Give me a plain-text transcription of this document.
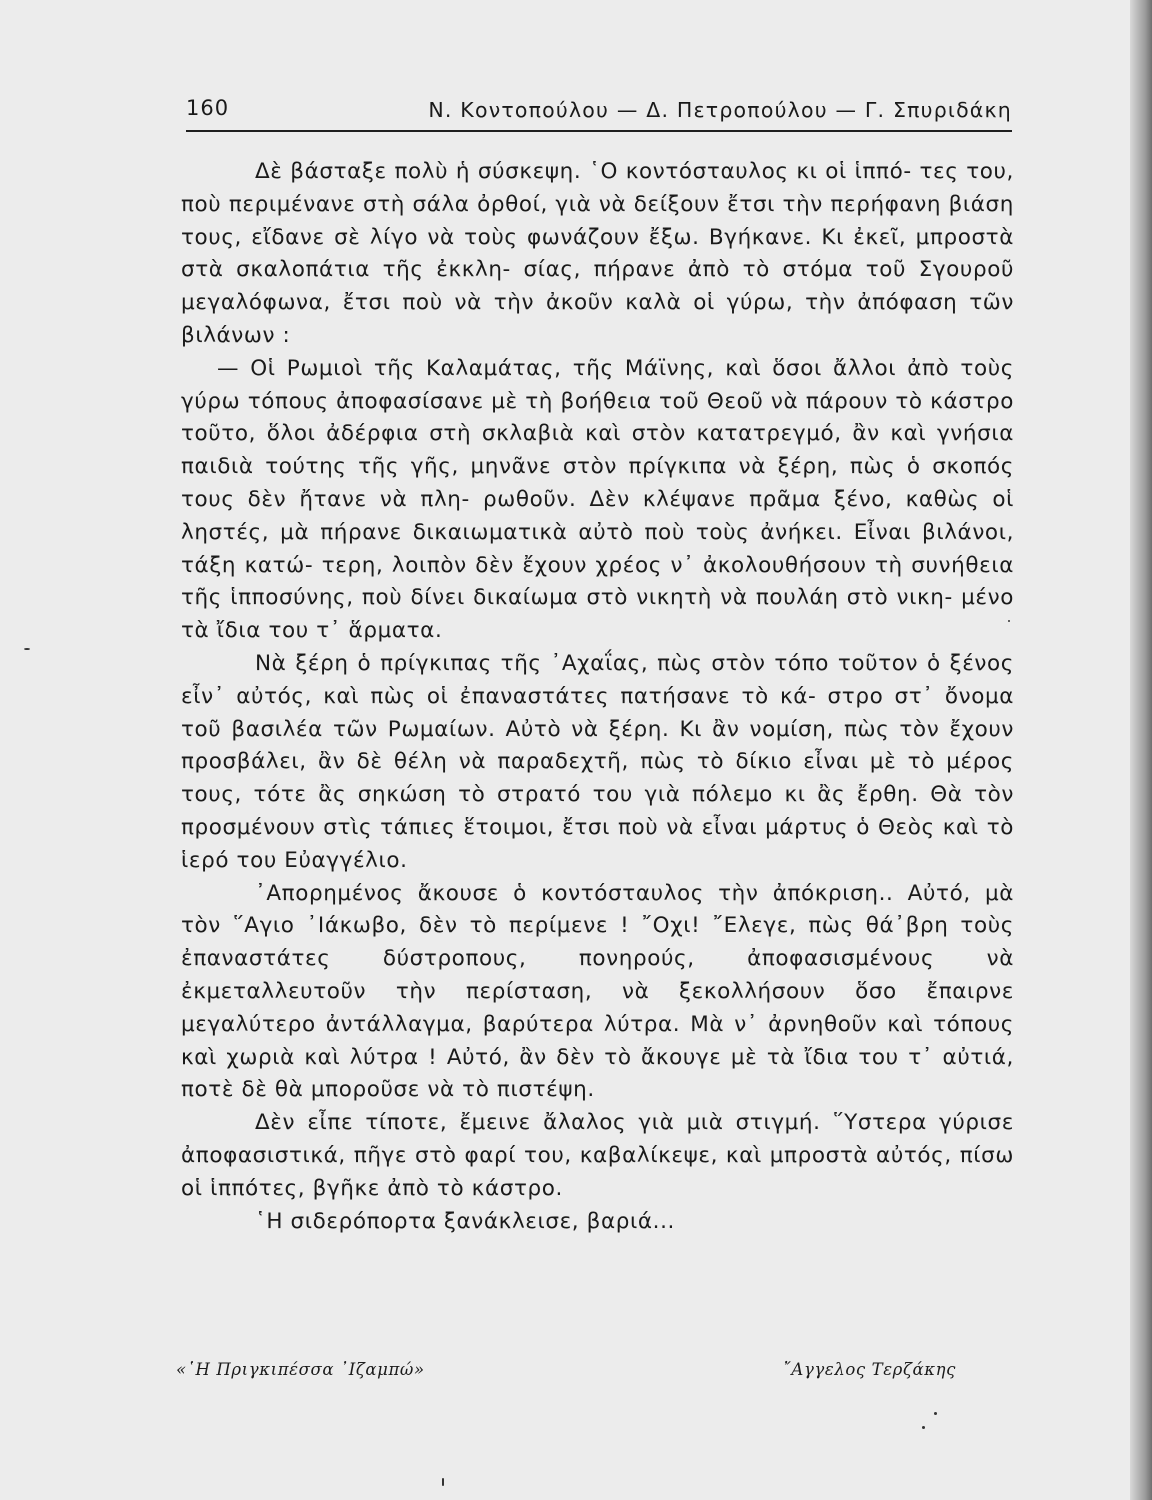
160	Ν. Κοντοπούλου — Δ. Πετροπούλου — Γ. Σπυριδάκη

Δὲ βάσταξε πολὺ ἡ σύσκεψη. ῾Ο κοντόσταυλος κι οἱ ἱππό- τες του, ποὺ περιμένανε στὴ σάλα ὀρθοί, γιὰ νὰ δείξουν ἔτσι τὴν περήφανη βιάση τους, εἴδανε σὲ λίγο νὰ τοὺς φωνάζουν ἔξω. Βγήκανε. Κι ἐκεῖ, μπροστὰ στὰ σκαλοπάτια τῆς ἐκκλη- σίας, πήρανε ἀπὸ τὸ στόμα τοῦ Σγουροῦ μεγαλόφωνα, ἔτσι ποὺ νὰ τὴν ἀκοῦν καλὰ οἱ γύρω, τὴν ἀπόφαση τῶν βιλάνων :

— Οἱ Ρωμιοὶ τῆς Καλαμάτας, τῆς Μάϊνης, καὶ ὅσοι ἄλλοι ἀπὸ τοὺς γύρω τόπους ἀποφασίσανε μὲ τὴ βοήθεια τοῦ Θεοῦ νὰ πάρουν τὸ κάστρο τοῦτο, ὅλοι ἀδέρφια στὴ σκλαβιὰ καὶ στὸν κατατρεγμό, ἂν καὶ γνήσια παιδιὰ τούτης τῆς γῆς, μηνᾶνε στὸν πρίγκιπα νὰ ξέρη, πὼς ὁ σκοπός τους δὲν ἤτανε νὰ πλη- ρωθοῦν. Δὲν κλέψανε πρᾶμα ξένο, καθὼς οἱ ληστές, μὰ πήρανε δικαιωματικὰ αὐτὸ ποὺ τοὺς ἀνήκει. Εἶναι βιλάνοι, τάξη κατώ- τερη, λοιπὸν δὲν ἔχουν χρέος ν᾽ ἀκολουθήσουν τὴ συνήθεια τῆς ἱπποσύνης, ποὺ δίνει δικαίωμα στὸ νικητὴ νὰ πουλάη στὸ νικη- μένο τὰ ἴδια του τ᾽ ἅρματα.

Νὰ ξέρη ὁ πρίγκιπας τῆς ᾽Αχαΐας, πὼς στὸν τόπο τοῦτον ὁ ξένος εἶν᾽ αὐτός, καὶ πὼς οἱ ἐπαναστάτες πατήσανε τὸ κά- στρο στ᾽ ὄνομα τοῦ βασιλέα τῶν Ρωμαίων. Αὐτὸ νὰ ξέρη. Κι ἂν νομίση, πὼς τὸν ἔχουν προσβάλει, ἂν δὲ θέλη νὰ παραδεχτῆ, πὼς τὸ δίκιο εἶναι μὲ τὸ μέρος τους, τότε ἂς σηκώση τὸ στρατό του γιὰ πόλεμο κι ἂς ἔρθη. Θὰ τὸν προσμένουν στὶς τάπιες ἕτοιμοι, ἔτσι ποὺ νὰ εἶναι μάρτυς ὁ Θεὸς καὶ τὸ ἱερό του Εὐαγγέλιο.

᾽Απορημένος ἄκουσε ὁ κοντόσταυλος τὴν ἀπόκριση.. Αὐτό, μὰ τὸν ῞Αγιο ᾽Ιάκωβο, δὲν τὸ περίμενε ! ῎Οχι! ῎Ελεγε, πὼς θά᾽βρη τοὺς ἐπαναστάτες δύστροπους, πονηρούς, ἀποφασισμένους νὰ ἐκμεταλλευτοῦν τὴν περίσταση, νὰ ξεκολλήσουν ὅσο ἔπαιρνε μεγαλύτερο ἀντάλλαγμα, βαρύτερα λύτρα. Μὰ ν᾽ ἀρνηθοῦν καὶ τόπους καὶ χωριὰ καὶ λύτρα ! Αὐτό, ἂν δὲν τὸ ἄκουγε μὲ τὰ ἴδια του τ᾽ αὐτιά, ποτὲ δὲ θὰ μποροῦσε νὰ τὸ πιστέψη.

Δὲν εἶπε τίποτε, ἔμεινε ἄλαλος γιὰ μιὰ στιγμή. ῞Υστερα γύρισε ἀποφασιστικά, πῆγε στὸ φαρί του, καβαλίκεψε, καὶ μπροστὰ αὐτός, πίσω οἱ ἱππότες, βγῆκε ἀπὸ τὸ κάστρο.

῾Η σιδερόπορτα ξανάκλεισε, βαριά...

«῾Η Πριγκιπέσσα ᾽Ιζαμπώ»	῎Αγγελος Τερζάκης
